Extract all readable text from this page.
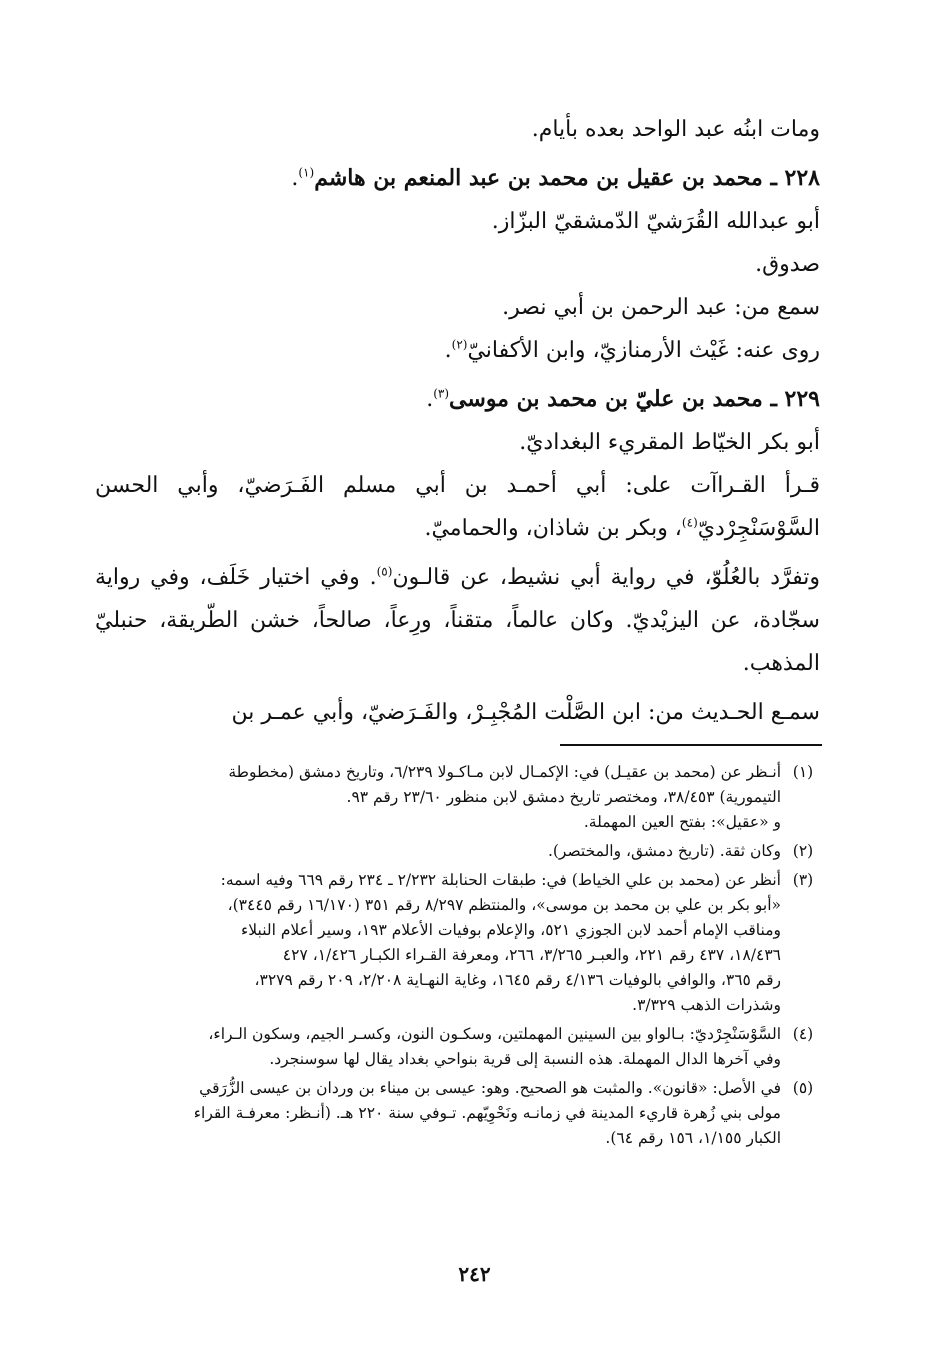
ومات ابنُه عبد الواحد بعده بأيام.

٢٢٨ ـ محمد بن عقيل بن محمد بن عبد المنعم بن هاشم$^{(١)}$.

أبو عبدالله القُرَشيّ الدّمشقيّ البزّاز.

صدوق.

سمع من: عبد الرحمن بن أبي نصر.

روى عنه: غَيْث الأرمنازيّ، وابن الأكفانيّ$^{(٢)}$.

٢٢٩ ـ محمد بن عليّ بن محمد بن موسى$^{(٣)}$.

أبو بكر الخيّاط المقريء البغداديّ.

قـرأ القـراآت على: أبي أحمـد بن أبي مسلم الفَـرَضيّ، وأبي الحسن السَّوْسَنْجِرْديّ$^{(٤)}$، وبكر بن شاذان، والحماميّ.

وتفرَّد بالعُلُوّ، في رواية أبي نشيط، عن قالـون$^{(٥)}$. وفي اختيار خَلَف، وفي رواية سجّادة، عن اليزيْديّ. وكان عالماً، متقناً، ورِعاً، صالحاً، خشن الطّريقة، حنبليّ المذهب.

سمـع الحـديث من: ابن الصَّلْت المُجْبِـرْ، والفَـرَضيّ، وأبي عمـر بن

(١)
أنـظر عن (محمد بن عقيـل) في: الإكمـال لابن مـاكـولا ٦/٢٣٩، وتاريخ دمشق (مخطوطة
التيمورية) ٣٨/٤٥٣، ومختصر تاريخ دمشق لابن منظور ٢٣/٦٠ رقم ٩٣.
و «عقيل»: بفتح العين المهملة.
(٢)
وكان ثقة. (تاريخ دمشق، والمختصر).
(٣)
أنظر عن (محمد بن علي الخياط) في: طبقات الحنابلة ٢/٢٣٢ ـ ٢٣٤ رقم ٦٦٩ وفيه اسمه:
«أبو بكر بن علي بن محمد بن موسى»، والمنتظم ٨/٢٩٧ رقم ٣٥١ (١٦/١٧٠ رقم ٣٤٤٥)،
ومناقب الإمام أحمد لابن الجوزي ٥٢١، والإعلام بوفيات الأعلام ١٩٣، وسير أعلام النبلاء
١٨/٤٣٦، ٤٣٧ رقم ٢٢١، والعبـر ٣/٢٦٥، ٢٦٦، ومعرفة القـراء الكبـار ١/٤٢٦، ٤٢٧
رقم ٣٦٥، والوافي بالوفيات ٤/١٣٦ رقم ١٦٤٥، وغاية النهـاية ٢/٢٠٨، ٢٠٩ رقم ٣٢٧٩،
وشذرات الذهب ٣/٣٢٩.
(٤)
السَّوْسَنْجِرْديّ: بـالواو بين السينين المهملتين، وسكـون النون، وكسـر الجيم، وسكون الـراء،
وفي آخرها الدال المهملة. هذه النسبة إلى قرية بنواحي بغداد يقال لها سوسنجرد.
(٥)
في الأصل: «قانون». والمثبت هو الصحيح. وهو: عيسى بن ميناء بن وردان بن عيسى الزُّرَقي
مولى بني زُهرة قاريء المدينة في زمانـه ونَحْوِيّهم. تـوفي سنة ٢٢٠ هـ. (أنـظر: معرفـة القراء
الكبار ١/١٥٥، ١٥٦ رقم ٦٤).
٢٤٢
